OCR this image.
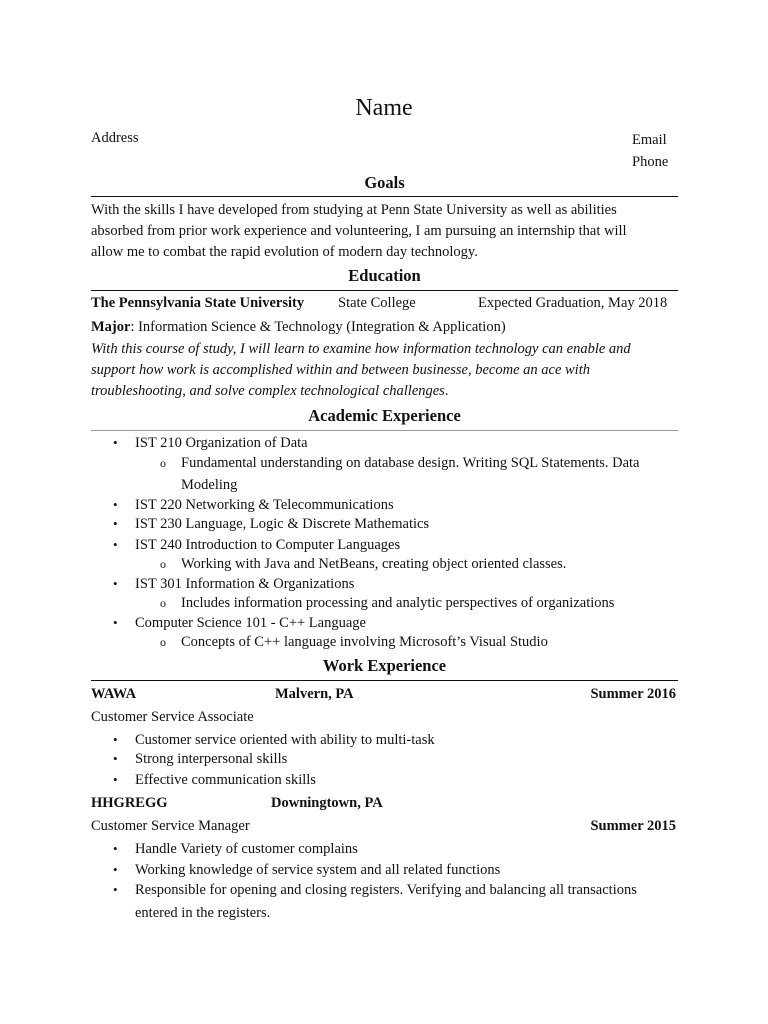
Name
Address	Email
Phone
Goals
With the skills I have developed from studying at Penn State University as well as abilities
absorbed from prior work experience and volunteering, I am pursuing an internship that will
allow me to combat the rapid evolution of modern day technology.
Education
The Pennsylvania State University State College	Expected Graduation, May 2018
Major: Information Science & Technology (Integration & Application)
With this course of study, I will learn to examine how information technology can enable and
support how work is accomplished within and between businesse, become an ace with
troubleshooting, and solve complex technological challenges.
Academic Experience
• IST 210 Organization of Data
o Fundamental understanding on database design. Writing SQL Statements. Data
Modeling
• IST 220 Networking & Telecommunications
• IST 230 Language, Logic & Discrete Mathematics
• IST 240 Introduction to Computer Languages
o Working with Java and NetBeans, creating object oriented classes.
• IST 301 Information & Organizations
o Includes information processing and analytic perspectives of organizations
• Computer Science 101 - C++ Language
o Concepts of C++ language involving Microsoft’s Visual Studio
Work Experience
WAWA	Malvern, PA	Summer 2016
Customer Service Associate
• Customer service oriented with ability to multi-task
• Strong interpersonal skills
• Effective communication skills
HHGREGG	Downingtown, PA
Customer Service Manager	Summer 2015
• Handle Variety of customer complains
• Working knowledge of service system and all related functions
• Responsible for opening and closing registers. Verifying and balancing all transactions
entered in the registers.
